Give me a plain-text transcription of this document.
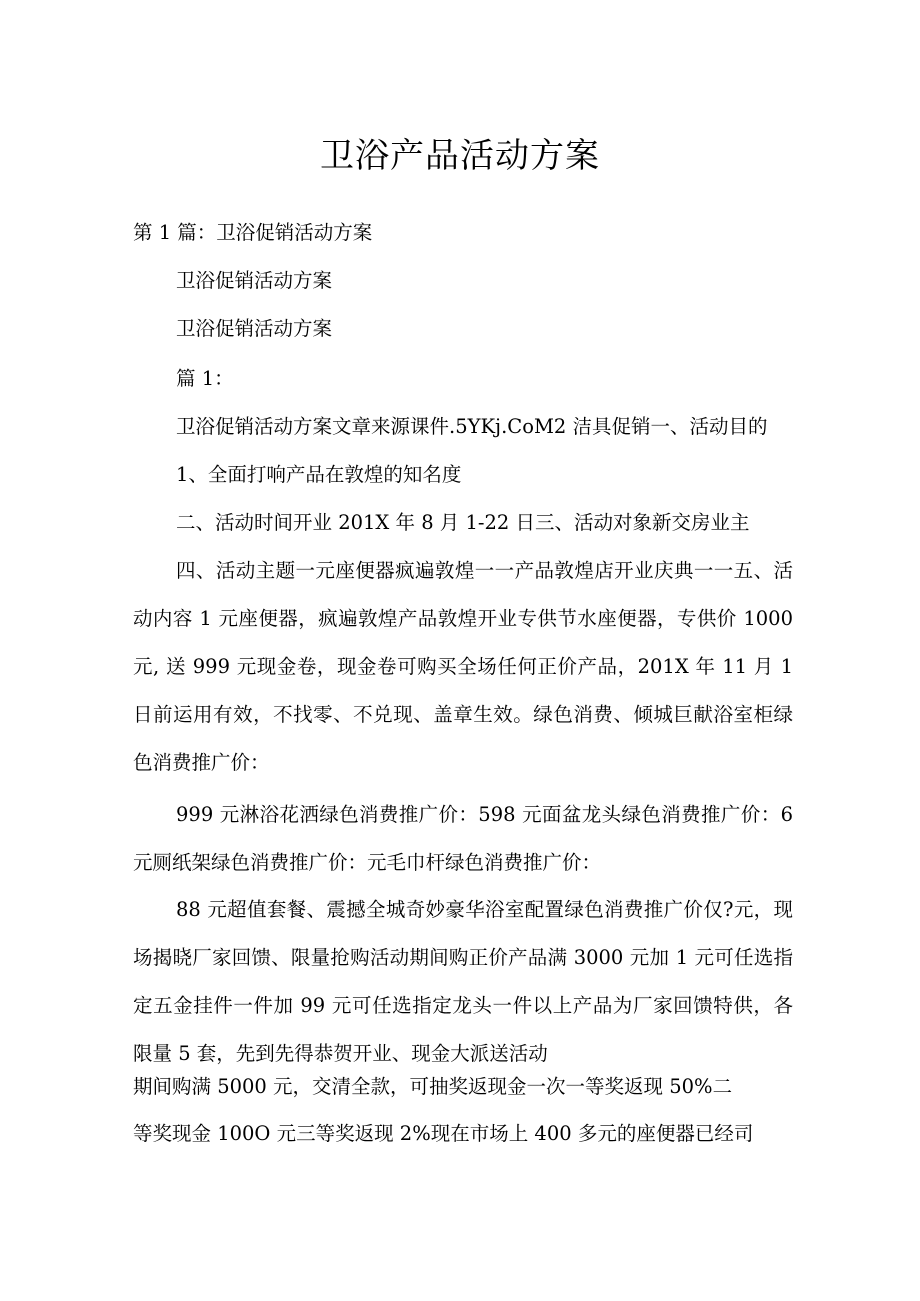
卫浴产品活动方案
第 1 篇：卫浴促销活动方案
卫浴促销活动方案
卫浴促销活动方案
篇 1：
卫浴促销活动方案文章来源课件.5YKj.CoM2 洁具促销一、活动目的
1、全面打响产品在敦煌的知名度
二、活动时间开业 201X 年 8 月 1-22 日三、活动对象新交房业主
四、活动主题一元座便器疯遍敦煌一一产品敦煌店开业庆典一一五、活动内容 1 元座便器，疯遍敦煌产品敦煌开业专供节水座便器，专供价 1000 元, 送 999 元现金卷，现金卷可购买全场任何正价产品，201X 年 11 月 1 日前运用有效，不找零、不兑现、盖章生效。绿色消费、倾城巨献浴室柜绿色消费推广价：
999 元淋浴花洒绿色消费推广价：598 元面盆龙头绿色消费推广价：6 元厕纸架绿色消费推广价：元毛巾杆绿色消费推广价：
88 元超值套餐、震撼全城奇妙豪华浴室配置绿色消费推广价仅?元，现场揭晓厂家回馈、限量抢购活动期间购正价产品满 3000 元加 1 元可任选指定五金挂件一件加 99 元可任选指定龙头一件以上产品为厂家回馈特供，各限量 5 套，先到先得恭贺开业、现金大派送活动
期间购满 5000 元，交清全款，可抽奖返现金一次一等奖返现 50%二
等奖现金 100O 元三等奖返现 2%现在市场上 400 多元的座便器已经司
